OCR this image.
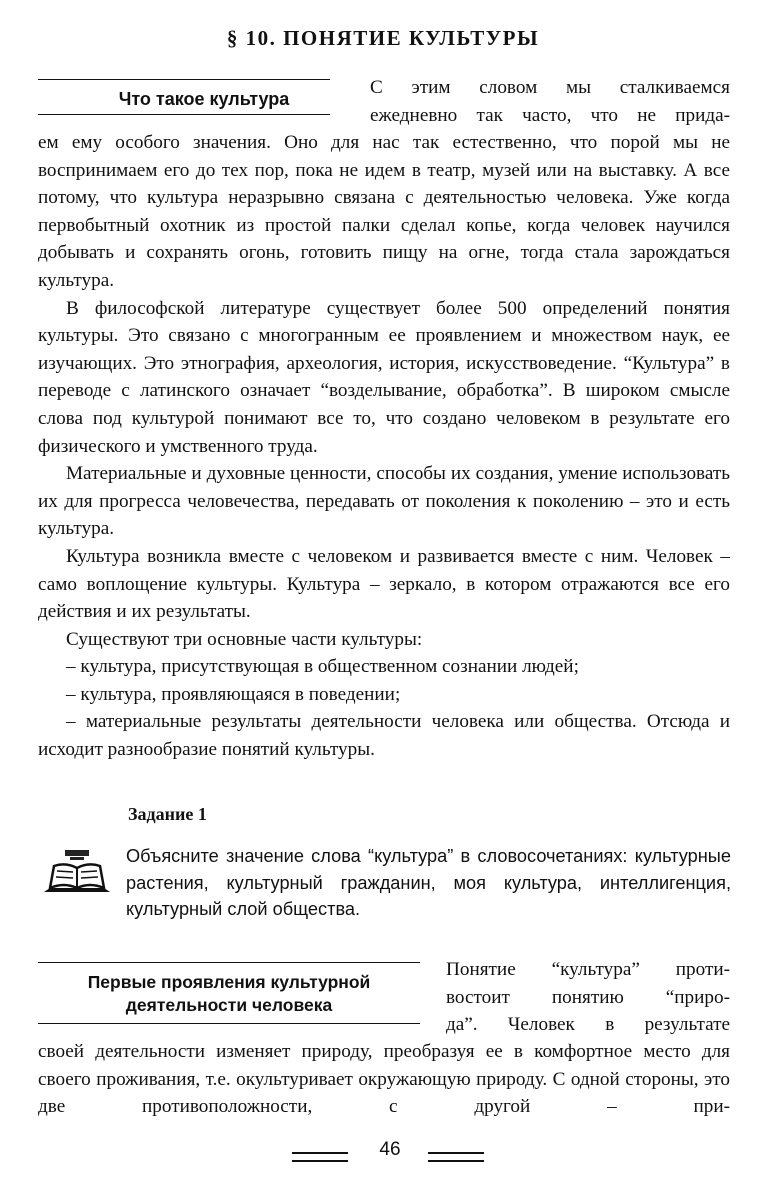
§ 10. ПОНЯТИЕ КУЛЬТУРЫ
Что такое культура

С этим словом мы сталкиваемся

ежедневно так часто, что не прида-

ем ему особого значения. Оно для нас так естественно, что порой мы не воспринимаем его до тех пор, пока не идем в театр, музей или на выставку. А все потому, что культура неразрывно связана с деятельностью человека. Уже когда первобытный охотник из простой палки сделал копье, когда человек научился добывать и сохранять огонь, готовить пищу на огне, тогда стала зарождаться культура.

В философской литературе существует более 500 определений понятия культуры. Это связано с многогранным ее проявлением и множеством наук, ее изучающих. Это этнография, археология, история, искусствоведение. “Культура” в переводе с латинского означает “возделывание, обработка”. В широком смысле слова под культурой понимают все то, что создано человеком в результате его физического и умственного труда.

Материальные и духовные ценности, способы их создания, умение использовать их для прогресса человечества, передавать от поколения к поколению – это и есть культура.

Культура возникла вместе с человеком и развивается вместе с ним. Человек – само воплощение культуры. Культура – зеркало, в котором отражаются все его действия и их результаты.

Существуют три основные части культуры:

– культура, присутствующая в общественном сознании людей;

– культура, проявляющаяся в поведении;

– материальные результаты деятельности человека или общества. Отсюда и исходит разнообразие понятий культуры.

Задание 1
Объясните значение слова “культура” в словосочетаниях: культурные растения, культурный гражданин, моя культура, интеллигенция, культурный слой общества.
Первые проявления культурной
деятельности человека

Понятие “культура” проти-

востоит понятию “приро-

да”. Человек в результате

своей деятельности изменяет природу, преобразуя ее в комфортное место для своего проживания, т.е. окультуривает окружающую природу. С одной стороны, это две противоположности, с другой – при-

46
